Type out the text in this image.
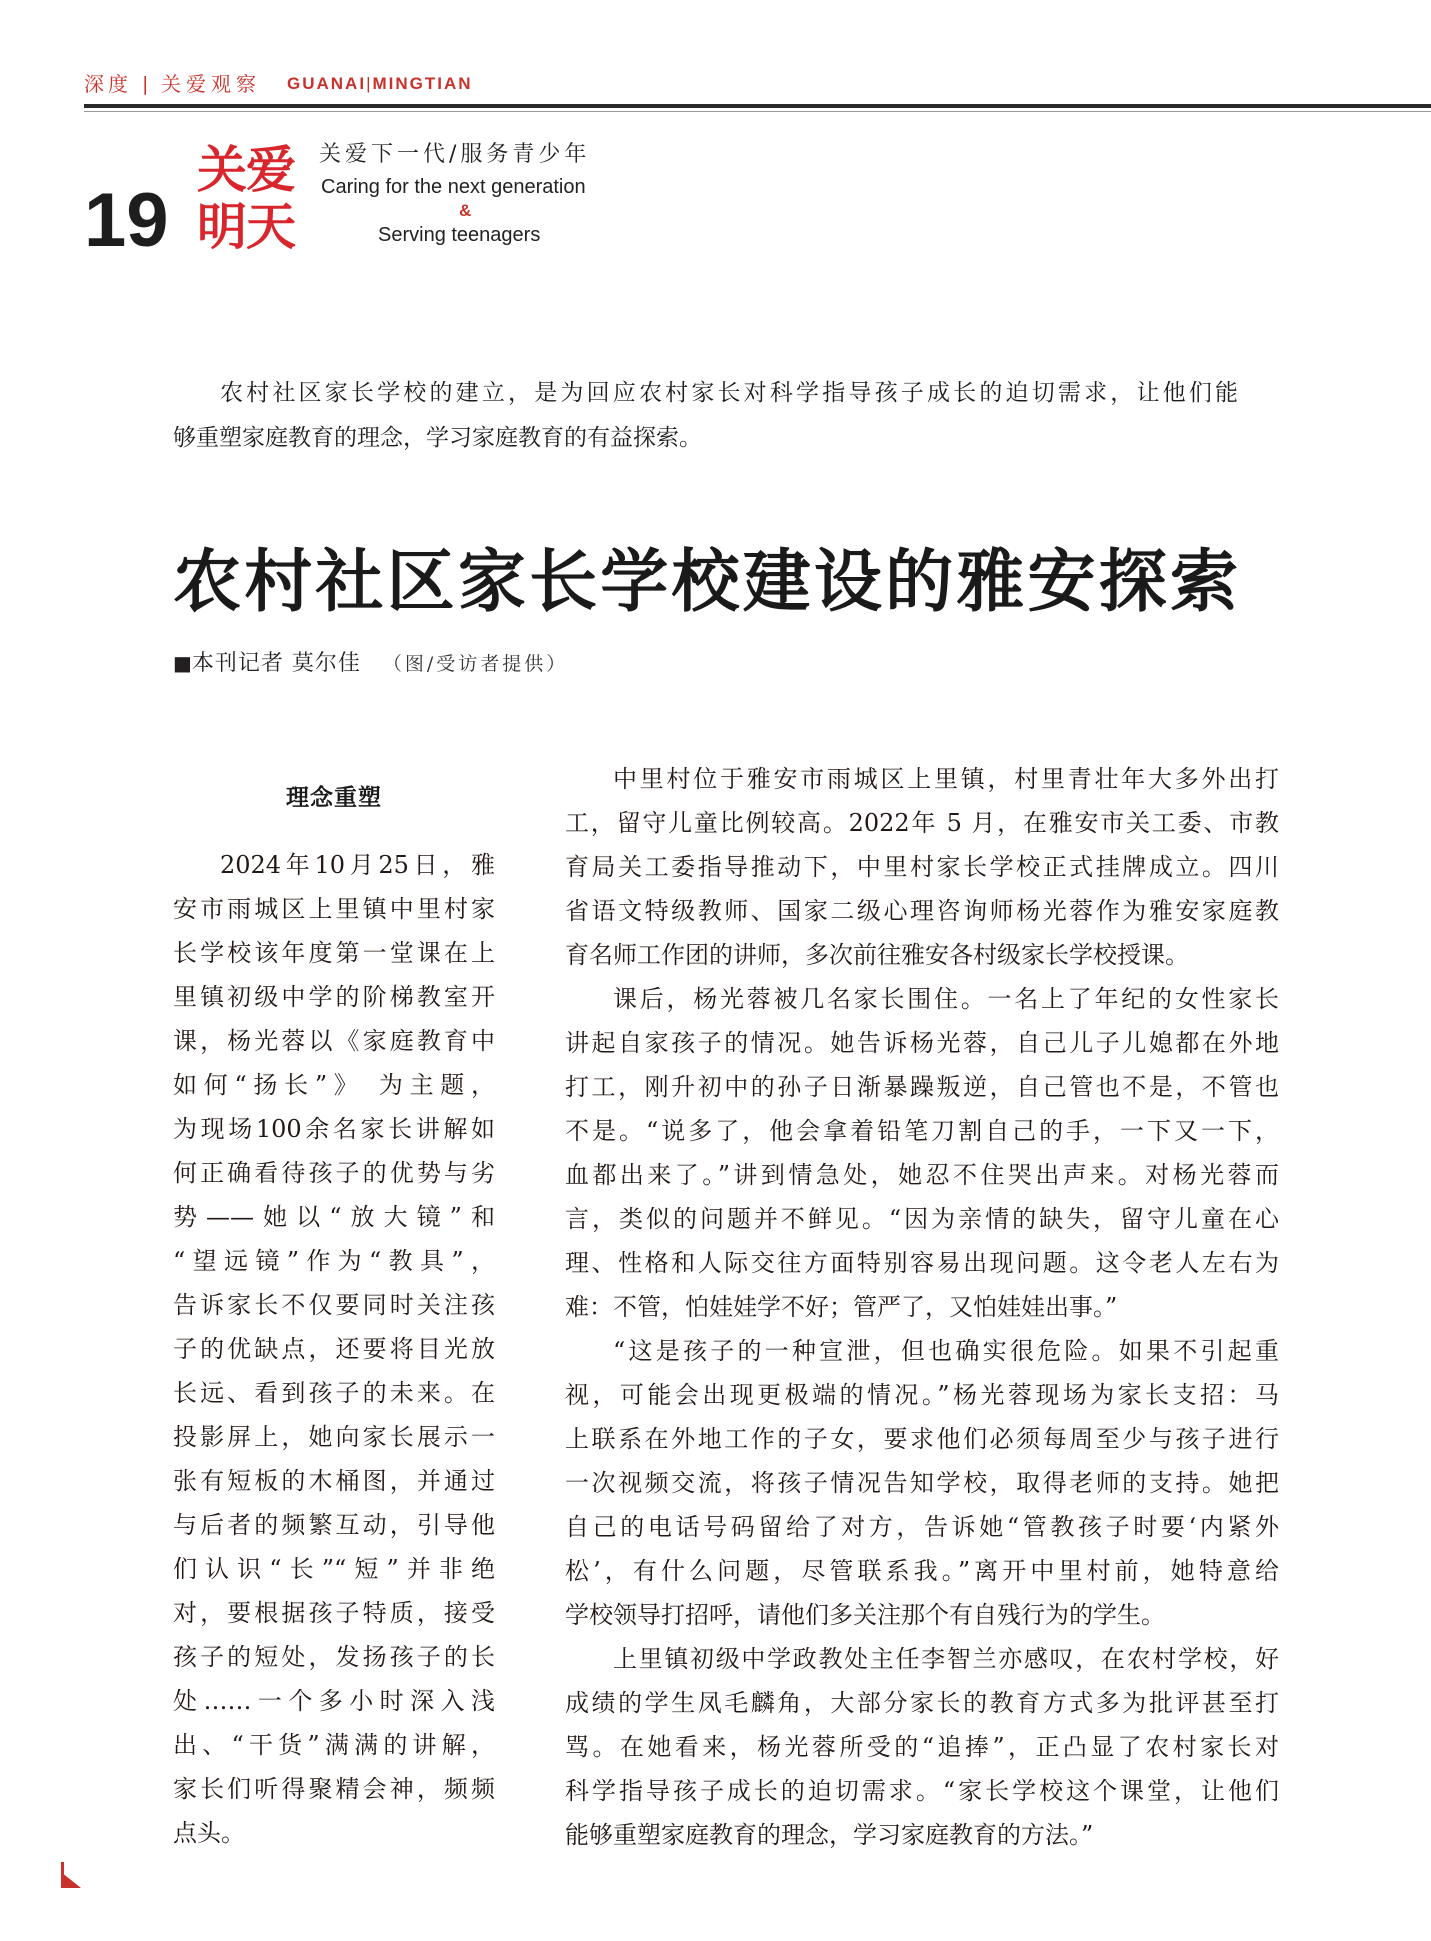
深度 | 关爱观察 GUANAI| MINGTIAN
19
关爱
明天
关爱下一代/服务青少年
Caring for the next generation
&
Serving teenagers
农村社区家长学校的建立，是为回应农村家长对科学指导孩子成长的迫切需求，让他们能
够重塑家庭教育的理念，学习家庭教育的有益探索。
农村社区家长学校建设的雅安探索
■本刊记者 莫尔佳 （图/受访者提供）
理念重塑
2024年10月25日，雅
安市雨城区上里镇中里村家
长学校该年度第一堂课在上
里镇初级中学的阶梯教室开
课，杨光蓉以《家庭教育中
如何“扬长”》 为主题，
为现场100余名家长讲解如
何正确看待孩子的优势与劣
势——她以“放大镜”和
“望远镜”作为“教具”，
告诉家长不仅要同时关注孩
子的优缺点，还要将目光放
长远、看到孩子的未来。在
投影屏上，她向家长展示一
张有短板的木桶图，并通过
与后者的频繁互动，引导他
们认识“长”“短”并非绝
对，要根据孩子特质，接受
孩子的短处，发扬孩子的长
处……一个多小时深入浅
出、“干货”满满的讲解，
家长们听得聚精会神，频频
点头。
中里村位于雅安市雨城区上里镇，村里青壮年大多外出打
工，留守儿童比例较高。2022年 5 月，在雅安市关工委、市教
育局关工委指导推动下，中里村家长学校正式挂牌成立。四川
省语文特级教师、国家二级心理咨询师杨光蓉作为雅安家庭教
育名师工作团的讲师，多次前往雅安各村级家长学校授课。
课后，杨光蓉被几名家长围住。一名上了年纪的女性家长
讲起自家孩子的情况。她告诉杨光蓉，自己儿子儿媳都在外地
打工，刚升初中的孙子日渐暴躁叛逆，自己管也不是，不管也
不是。“说多了，他会拿着铅笔刀割自己的手，一下又一下，
血都出来了。”讲到情急处，她忍不住哭出声来。对杨光蓉而
言，类似的问题并不鲜见。“因为亲情的缺失，留守儿童在心
理、性格和人际交往方面特别容易出现问题。这令老人左右为
难：不管，怕娃娃学不好；管严了，又怕娃娃出事。”
“这是孩子的一种宣泄，但也确实很危险。如果不引起重
视，可能会出现更极端的情况。”杨光蓉现场为家长支招：马
上联系在外地工作的子女，要求他们必须每周至少与孩子进行
一次视频交流，将孩子情况告知学校，取得老师的支持。她把
自己的电话号码留给了对方，告诉她“管教孩子时要‘内紧外
松’，有什么问题，尽管联系我。”离开中里村前，她特意给
学校领导打招呼，请他们多关注那个有自残行为的学生。
上里镇初级中学政教处主任李智兰亦感叹，在农村学校，好
成绩的学生凤毛麟角，大部分家长的教育方式多为批评甚至打
骂。在她看来，杨光蓉所受的“追捧”，正凸显了农村家长对
科学指导孩子成长的迫切需求。“家长学校这个课堂，让他们
能够重塑家庭教育的理念，学习家庭教育的方法。”
